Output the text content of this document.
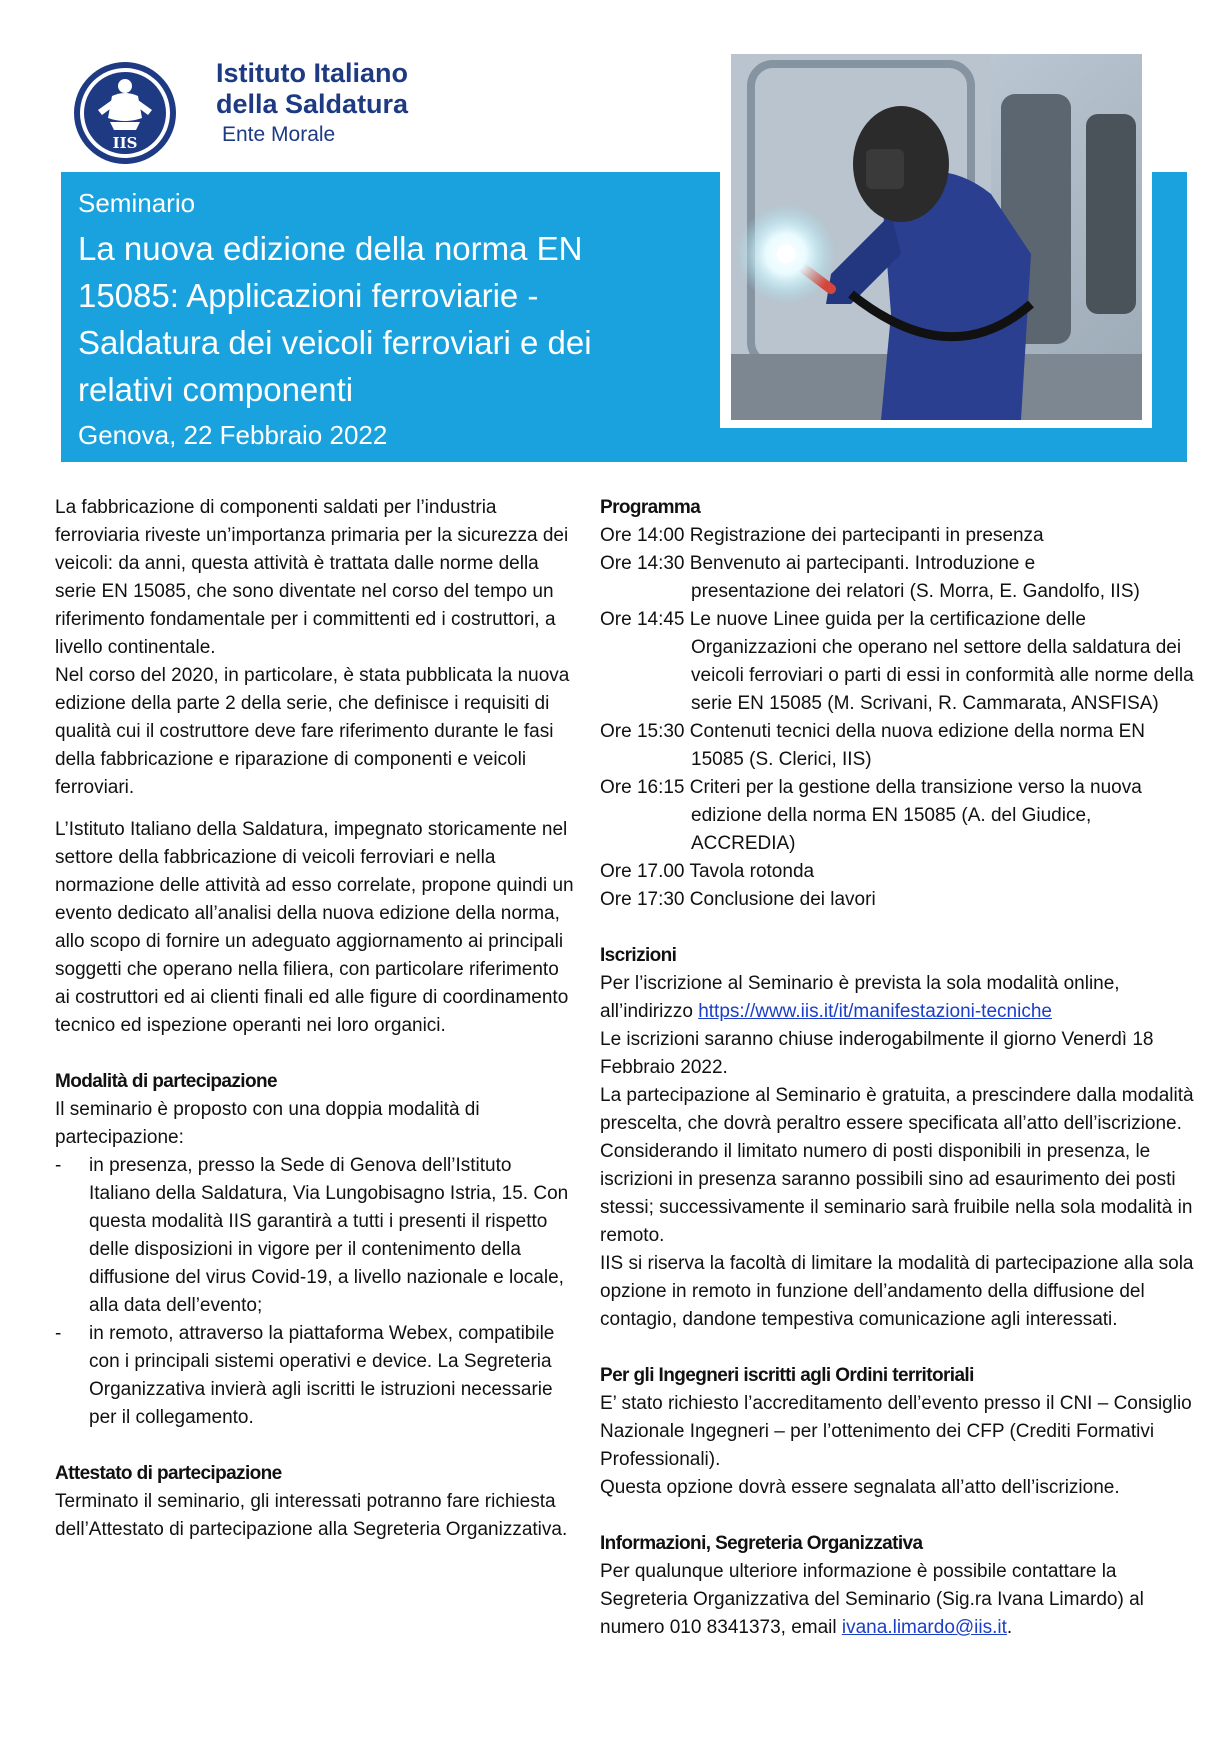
IIS
Istituto Italiano
della Saldatura
Ente Morale
Seminario
La nuova edizione della norma EN 15085: Applicazioni ferroviarie - Saldatura dei veicoli ferroviari e dei relativi componenti
Genova, 22 Febbraio 2022

La fabbricazione di componenti saldati per l’industria ferroviaria riveste un’importanza primaria per la sicurezza dei veicoli: da anni, questa attività è trattata dalle norme della serie EN 15085, che sono diventate nel corso del tempo un riferimento fondamentale per i committenti ed i costruttori, a livello continentale.

Nel corso del 2020, in particolare, è stata pubblicata la nuova edizione della parte 2 della serie, che definisce i requisiti di qualità cui il costruttore deve fare riferimento durante le fasi della fabbricazione e riparazione di componenti e veicoli ferroviari.

L’Istituto Italiano della Saldatura, impegnato storicamente nel settore della fabbricazione di veicoli ferroviari e nella normazione delle attività ad esso correlate, propone quindi un evento dedicato all’analisi della nuova edizione della norma, allo scopo di fornire un adeguato aggiornamento ai principali soggetti che operano nella filiera, con particolare riferimento ai costruttori ed ai clienti finali ed alle figure di coordinamento tecnico ed ispezione operanti nei loro organici.

Modalità di partecipazione

Il seminario è proposto con una doppia modalità di partecipazione:

- in presenza, presso la Sede di Genova dell’Istituto Italiano della Saldatura, Via Lungobisagno Istria, 15. Con questa modalità IIS garantirà a tutti i presenti il rispetto delle disposizioni in vigore per il contenimento della diffusione del virus Covid-19, a livello nazionale e locale, alla data dell’evento;
- in remoto, attraverso la piattaforma Webex, compatibile con i principali sistemi operativi e device. La Segreteria Organizzativa invierà agli iscritti le istruzioni necessarie per il collegamento.
Attestato di partecipazione

Terminato il seminario, gli interessati potranno fare richiesta dell’Attestato di partecipazione alla Segreteria Organizzativa.

Programma
Ore 14:00 Registrazione dei partecipanti in presenza
Ore 14:30 Benvenuto ai partecipanti. Introduzione e
presentazione dei relatori (S. Morra, E. Gandolfo, IIS)
Ore 14:45 Le nuove Linee guida per la certificazione delle
Organizzazioni che operano nel settore della saldatura dei veicoli ferroviari o parti di essi in conformità alle norme della serie EN 15085 (M. Scrivani, R. Cammarata, ANSFISA)
Ore 15:30 Contenuti tecnici della nuova edizione della norma EN
15085 (S. Clerici, IIS)
Ore 16:15 Criteri per la gestione della transizione verso la nuova
edizione della norma EN 15085 (A. del Giudice, ACCREDIA)
Ore 17.00 Tavola rotonda
Ore 17:30 Conclusione dei lavori
Iscrizioni

Per l’iscrizione al Seminario è prevista la sola modalità online, all’indirizzo https://www.iis.it/it/manifestazioni-tecniche

Le iscrizioni saranno chiuse inderogabilmente il giorno Venerdì 18 Febbraio 2022.

La partecipazione al Seminario è gratuita, a prescindere dalla modalità prescelta, che dovrà peraltro essere specificata all’atto dell’iscrizione.

Considerando il limitato numero di posti disponibili in presenza, le iscrizioni in presenza saranno possibili sino ad esaurimento dei posti stessi; successivamente il seminario sarà fruibile nella sola modalità in remoto.

IIS si riserva la facoltà di limitare la modalità di partecipazione alla sola opzione in remoto in funzione dell’andamento della diffusione del contagio, dandone tempestiva comunicazione agli interessati.

Per gli Ingegneri iscritti agli Ordini territoriali

E’ stato richiesto l’accreditamento dell’evento presso il CNI – Consiglio Nazionale Ingegneri – per l’ottenimento dei CFP (Crediti Formativi Professionali).

Questa opzione dovrà essere segnalata all’atto dell’iscrizione.

Informazioni, Segreteria Organizzativa

Per qualunque ulteriore informazione è possibile contattare la Segreteria Organizzativa del Seminario (Sig.ra Ivana Limardo) al numero 010 8341373, email ivana.limardo@iis.it.
